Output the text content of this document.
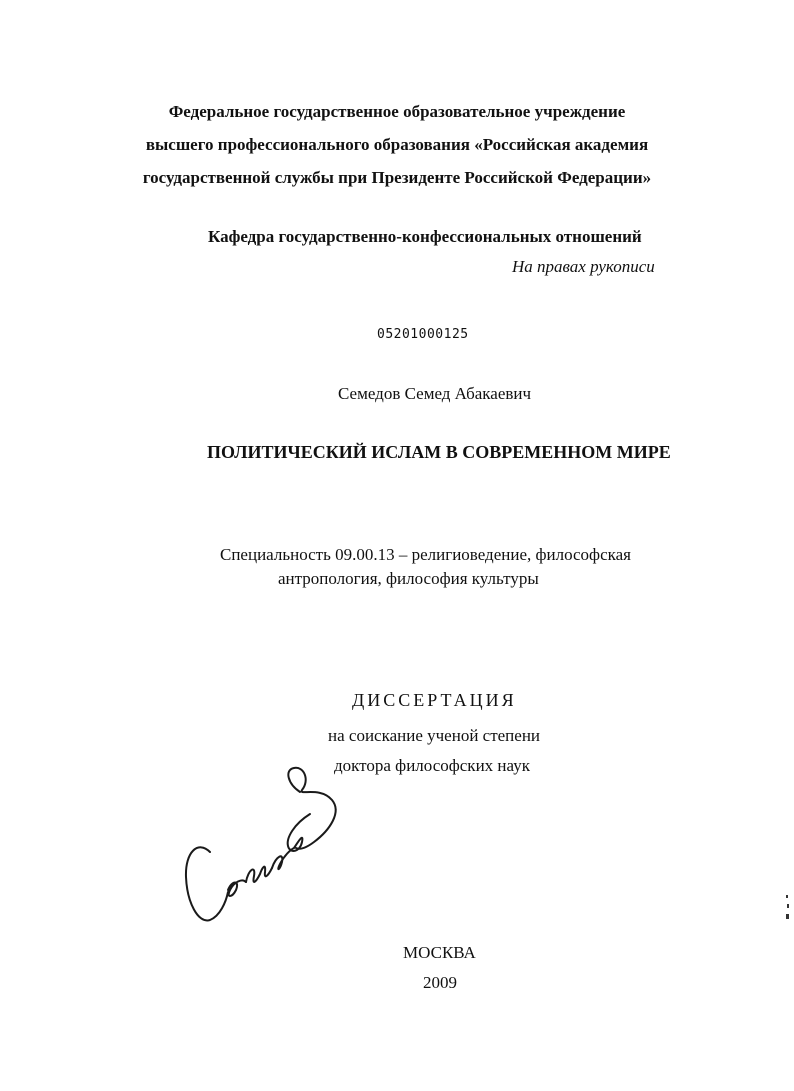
Федеральное государственное образовательное учреждение
высшего профессионального образования «Российская академия
государственной службы при Президенте Российской Федерации»
Кафедра государственно-конфессиональных отношений
На правах рукописи
05201000125
Семедов Семед Абакаевич
ПОЛИТИЧЕСКИЙ ИСЛАМ В СОВРЕМЕННОМ МИРЕ
Специальность 09.00.13 – религиоведение, философская
антропология, философия культуры
ДИССЕРТАЦИЯ
на соискание ученой степени
доктора философских наук
МОСКВА
2009
